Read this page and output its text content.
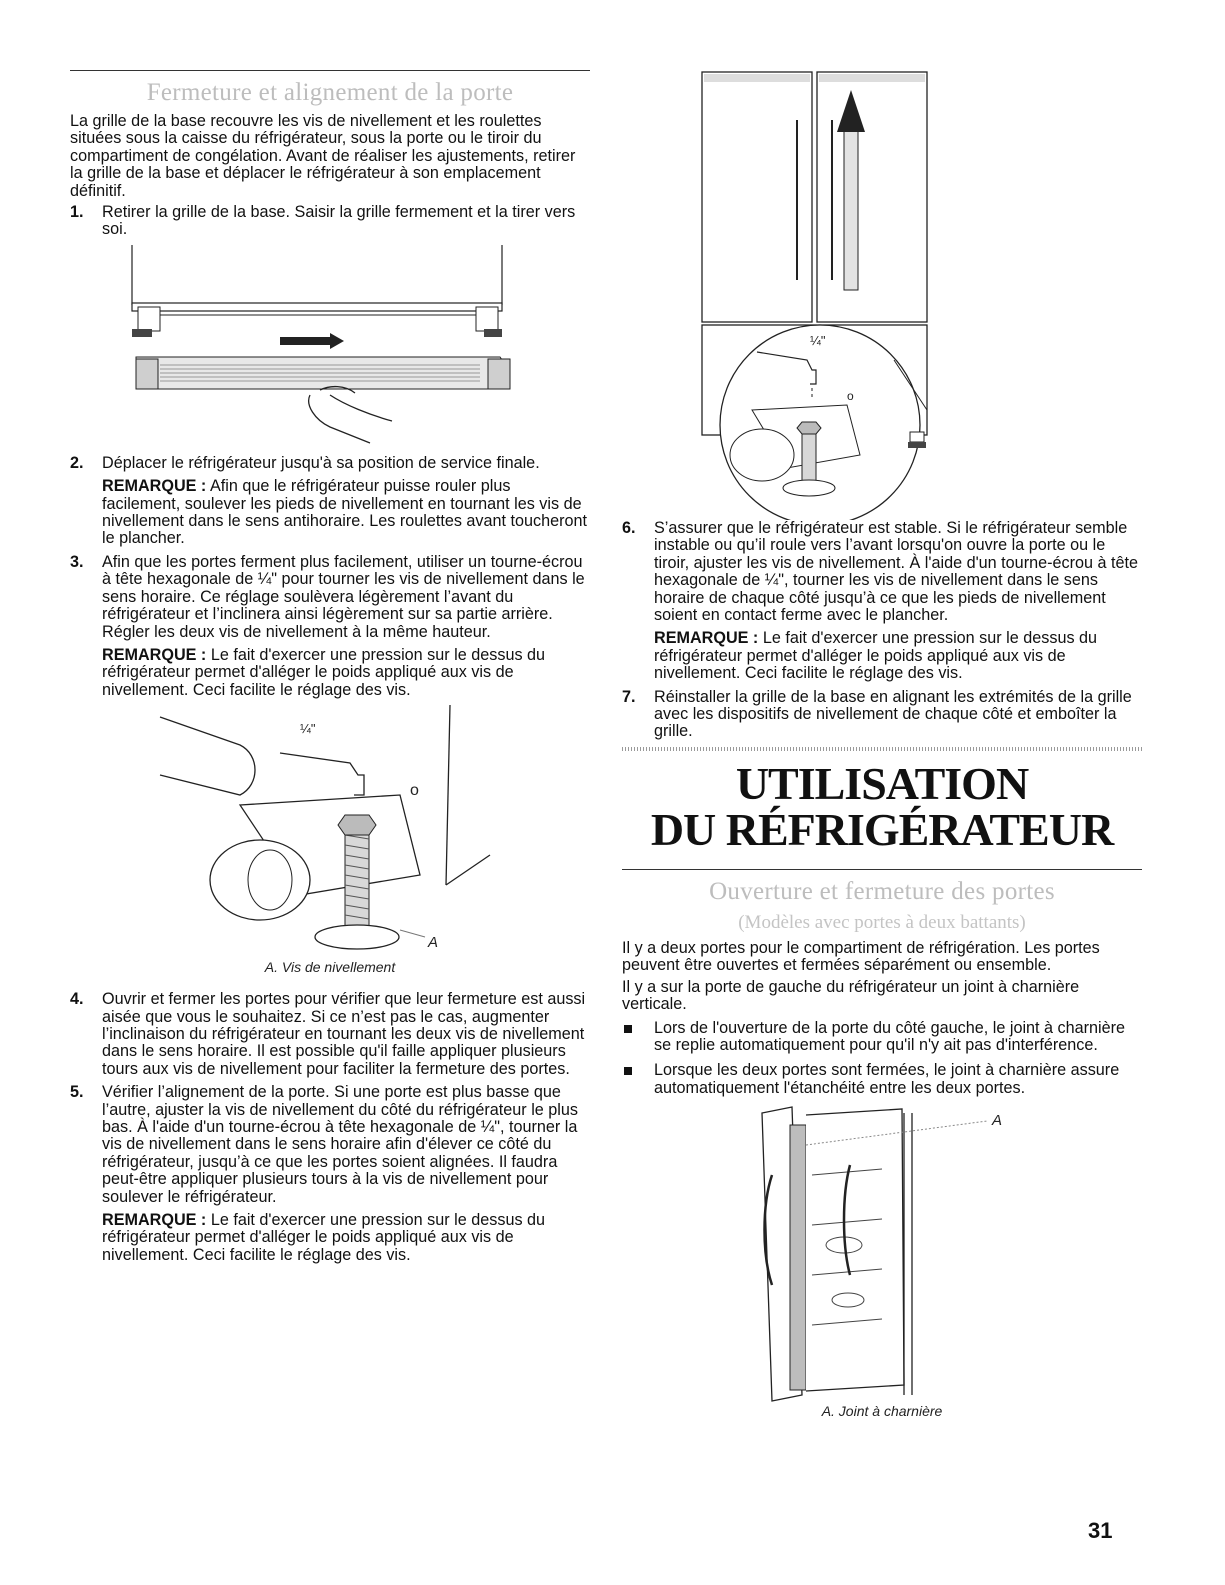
Fermeture et alignement de la porte

La grille de la base recouvre les vis de nivellement et les roulettes situées sous la caisse du réfrigérateur, sous la porte ou le tiroir du compartiment de congélation. Avant de réaliser les ajustements, retirer la grille de la base et déplacer le réfrigérateur à son emplacement définitif.

1. Retirer la grille de la base. Saisir la grille fermement et la tirer vers soi.

2. Déplacer le réfrigérateur jusqu'à sa position de service finale.

REMARQUE : Afin que le réfrigérateur puisse rouler plus facilement, soulever les pieds de nivellement en tournant les vis de nivellement dans le sens antihoraire. Les roulettes avant toucheront le plancher.

3. Afin que les portes ferment plus facilement, utiliser un tourne-écrou à tête hexagonale de ¼" pour tourner les vis de nivellement dans le sens horaire. Ce réglage soulèvera légèrement l’avant du réfrigérateur et l’inclinera ainsi légèrement sur sa partie arrière. Régler les deux vis de nivellement à la même hauteur.

REMARQUE : Le fait d'exercer une pression sur le dessus du réfrigérateur permet d'alléger le poids appliqué aux vis de nivellement. Ceci facilite le réglage des vis.

¼"
o
A
A. Vis de nivellement
4. Ouvrir et fermer les portes pour vérifier que leur fermeture est aussi aisée que vous le souhaitez. Si ce n’est pas le cas, augmenter l’inclinaison du réfrigérateur en tournant les deux vis de nivellement dans le sens horaire. Il est possible qu'il faille appliquer plusieurs tours aux vis de nivellement pour faciliter la fermeture des portes.

5. Vérifier l’alignement de la porte. Si une porte est plus basse que l’autre, ajuster la vis de nivellement du côté du réfrigérateur le plus bas. À l'aide d'un tourne-écrou à tête hexagonale de ¼", tourner la vis de nivellement dans le sens horaire afin d'élever ce côté du réfrigérateur, jusqu’à ce que les portes soient alignées. Il faudra peut-être appliquer plusieurs tours à la vis de nivellement pour soulever le réfrigérateur.

REMARQUE : Le fait d'exercer une pression sur le dessus du réfrigérateur permet d'alléger le poids appliqué aux vis de nivellement. Ceci facilite le réglage des vis.

¼"
o
6. S’assurer que le réfrigérateur est stable. Si le réfrigérateur semble instable ou qu’il roule vers l’avant lorsqu'on ouvre la porte ou le tiroir, ajuster les vis de nivellement. À l'aide d'un tourne-écrou à tête hexagonale de ¼", tourner les vis de nivellement dans le sens horaire de chaque côté jusqu’à ce que les pieds de nivellement soient en contact ferme avec le plancher.

REMARQUE : Le fait d'exercer une pression sur le dessus du réfrigérateur permet d'alléger le poids appliqué aux vis de nivellement. Ceci facilite le réglage des vis.

7. Réinstaller la grille de la base en alignant les extrémités de la grille avec les dispositifs de nivellement de chaque côté et emboîter la grille.

UTILISATION
DU RÉFRIGÉRATEUR
Ouverture et fermeture des portes
(Modèles avec portes à deux battants)

Il y a deux portes pour le compartiment de réfrigération. Les portes peuvent être ouvertes et fermées séparément ou ensemble.

Il y a sur la porte de gauche du réfrigérateur un joint à charnière verticale.

Lors de l'ouverture de la porte du côté gauche, le joint à charnière se replie automatiquement pour qu'il n'y ait pas d'interférence.

Lorsque les deux portes sont fermées, le joint à charnière assure automatiquement l'étanchéité entre les deux portes.

A
A. Joint à charnière
31
